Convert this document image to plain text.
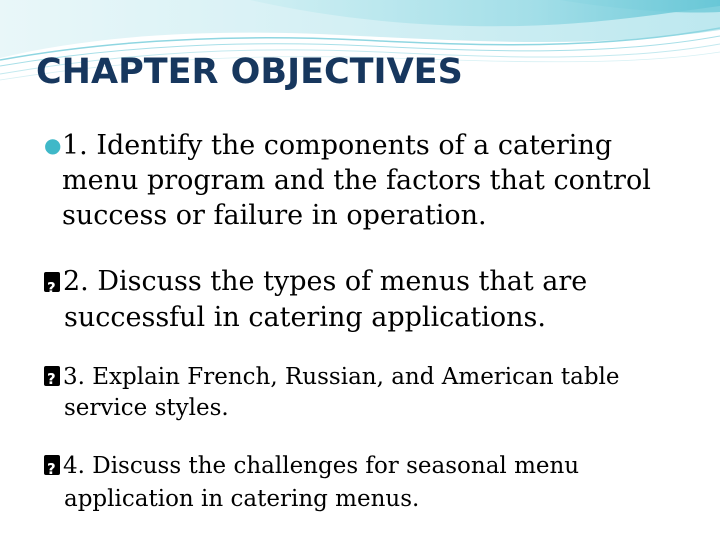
CHAPTER OBJECTIVES
● 1. Identify the components of a catering
menu program and the factors that control
success or failure in operation.
?2. Discuss the types of menus that are
successful in catering applications.
?3. Explain French, Russian, and American table
service styles.
?4. Discuss the challenges for seasonal menu
application in catering menus.
